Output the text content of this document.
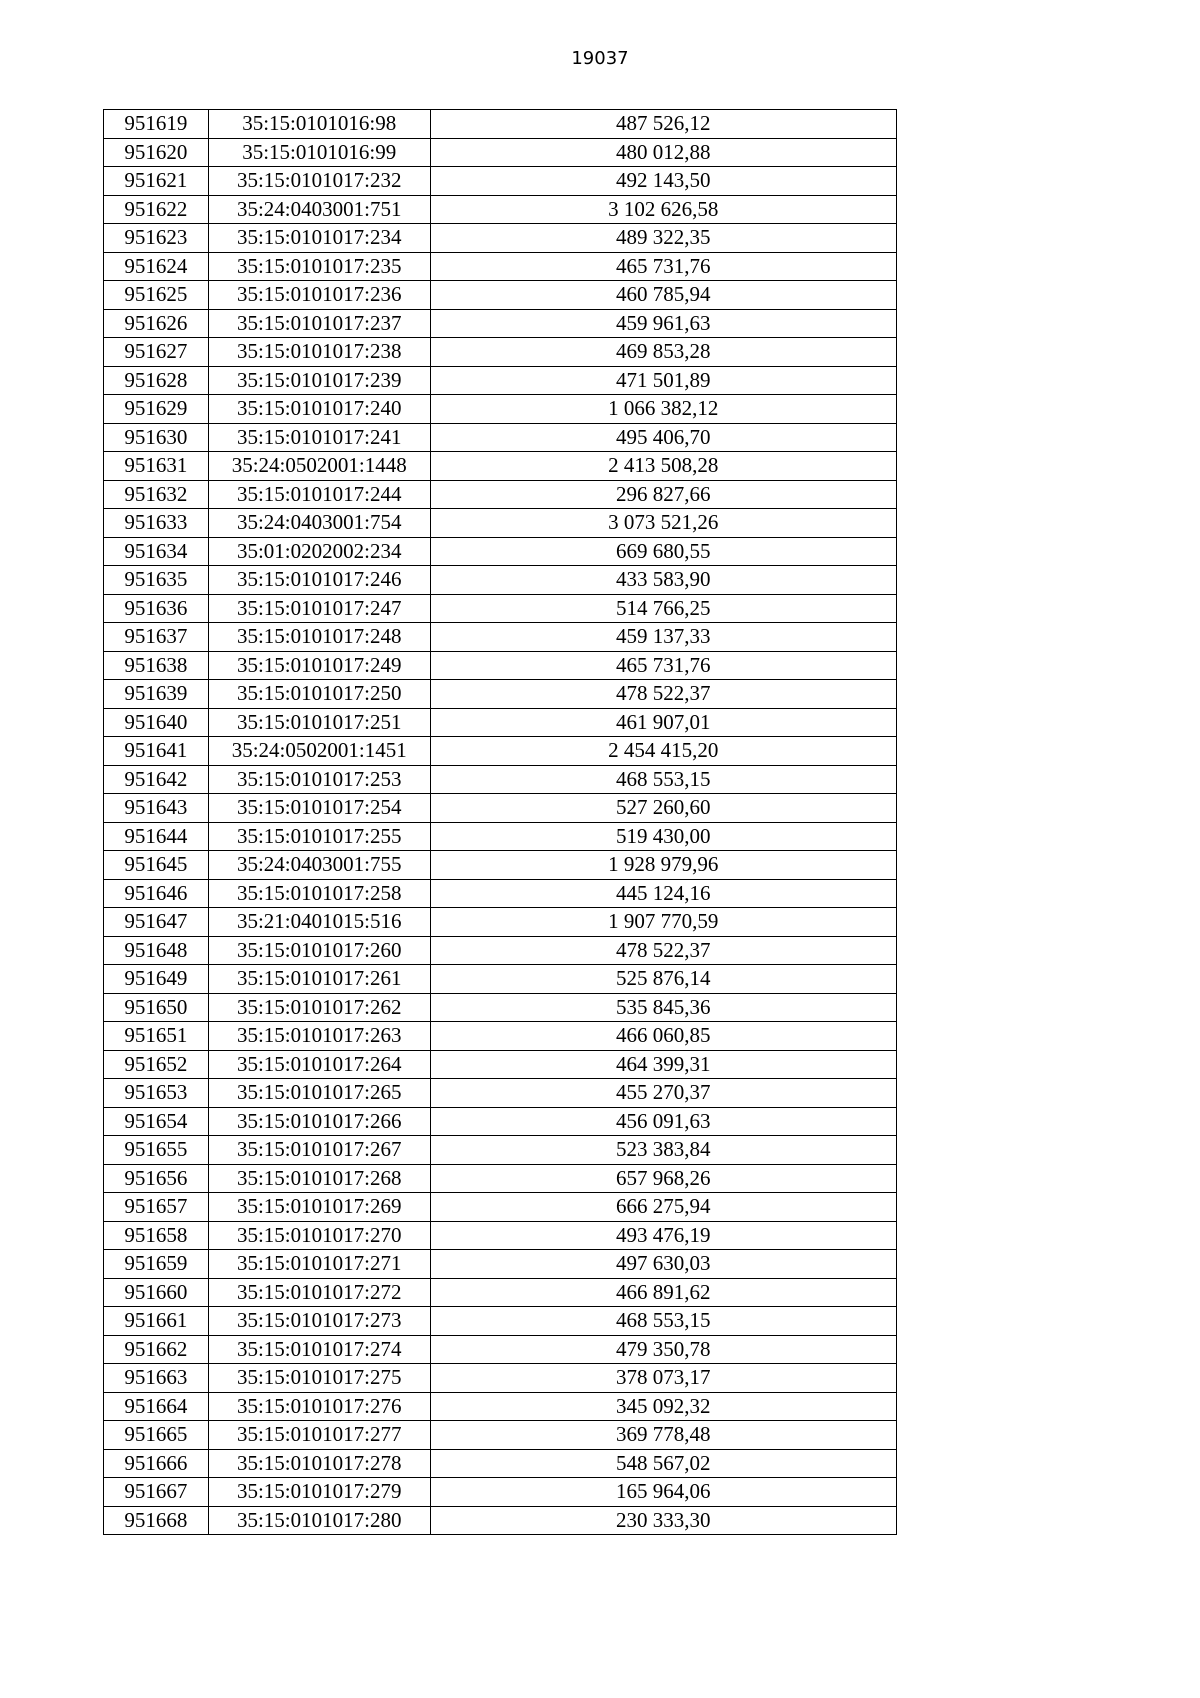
19037
951619	35:15:0101016:98	487 526,12
951620	35:15:0101016:99	480 012,88
951621	35:15:0101017:232	492 143,50
951622	35:24:0403001:751	3 102 626,58
951623	35:15:0101017:234	489 322,35
951624	35:15:0101017:235	465 731,76
951625	35:15:0101017:236	460 785,94
951626	35:15:0101017:237	459 961,63
951627	35:15:0101017:238	469 853,28
951628	35:15:0101017:239	471 501,89
951629	35:15:0101017:240	1 066 382,12
951630	35:15:0101017:241	495 406,70
951631	35:24:0502001:1448	2 413 508,28
951632	35:15:0101017:244	296 827,66
951633	35:24:0403001:754	3 073 521,26
951634	35:01:0202002:234	669 680,55
951635	35:15:0101017:246	433 583,90
951636	35:15:0101017:247	514 766,25
951637	35:15:0101017:248	459 137,33
951638	35:15:0101017:249	465 731,76
951639	35:15:0101017:250	478 522,37
951640	35:15:0101017:251	461 907,01
951641	35:24:0502001:1451	2 454 415,20
951642	35:15:0101017:253	468 553,15
951643	35:15:0101017:254	527 260,60
951644	35:15:0101017:255	519 430,00
951645	35:24:0403001:755	1 928 979,96
951646	35:15:0101017:258	445 124,16
951647	35:21:0401015:516	1 907 770,59
951648	35:15:0101017:260	478 522,37
951649	35:15:0101017:261	525 876,14
951650	35:15:0101017:262	535 845,36
951651	35:15:0101017:263	466 060,85
951652	35:15:0101017:264	464 399,31
951653	35:15:0101017:265	455 270,37
951654	35:15:0101017:266	456 091,63
951655	35:15:0101017:267	523 383,84
951656	35:15:0101017:268	657 968,26
951657	35:15:0101017:269	666 275,94
951658	35:15:0101017:270	493 476,19
951659	35:15:0101017:271	497 630,03
951660	35:15:0101017:272	466 891,62
951661	35:15:0101017:273	468 553,15
951662	35:15:0101017:274	479 350,78
951663	35:15:0101017:275	378 073,17
951664	35:15:0101017:276	345 092,32
951665	35:15:0101017:277	369 778,48
951666	35:15:0101017:278	548 567,02
951667	35:15:0101017:279	165 964,06
951668	35:15:0101017:280	230 333,30
